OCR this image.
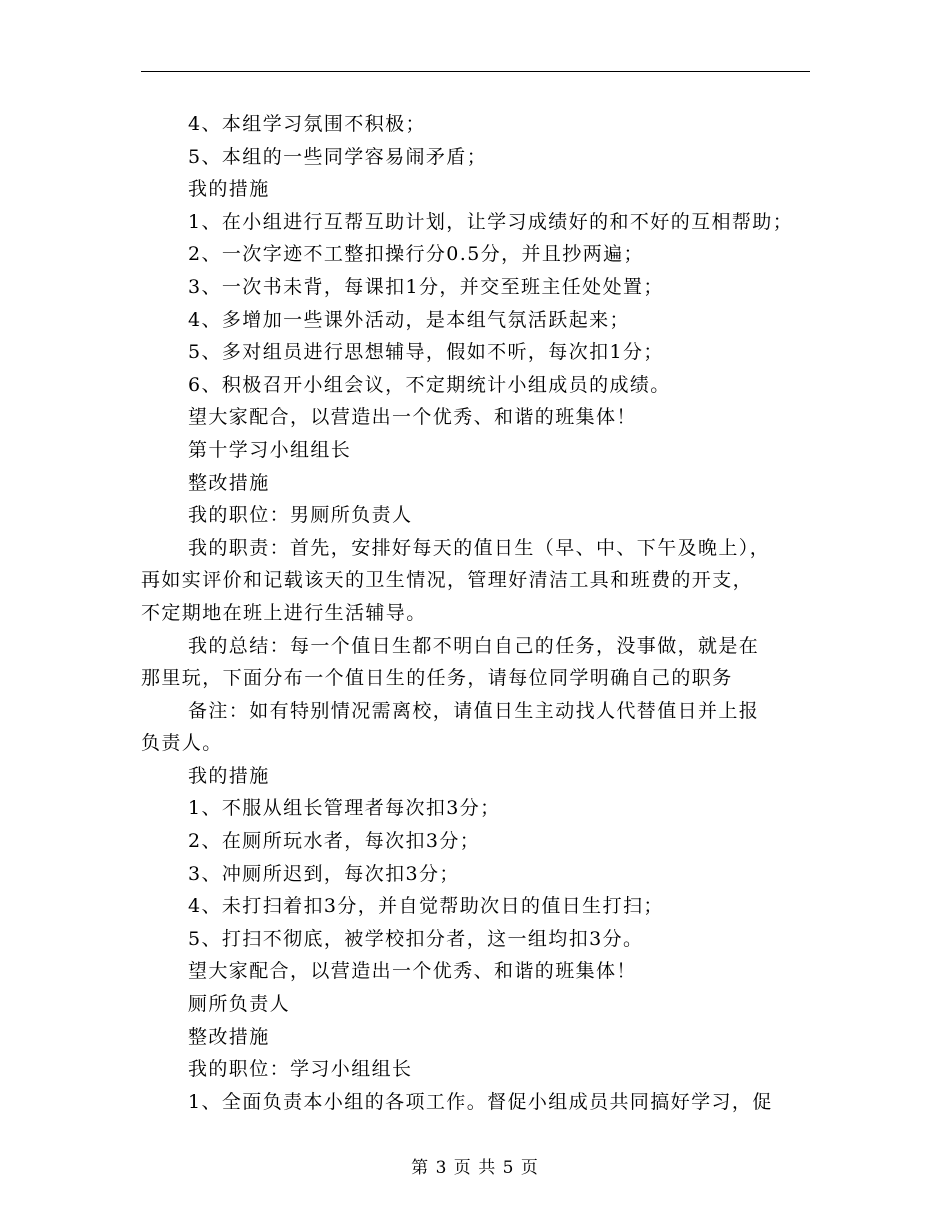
4、本组学习氛围不积极；

5、本组的一些同学容易闹矛盾；

我的措施

1、在小组进行互帮互助计划，让学习成绩好的和不好的互相帮助；

2、一次字迹不工整扣操行分0.5分，并且抄两遍；

3、一次书未背，每课扣1分，并交至班主任处处置；

4、多增加一些课外活动，是本组气氛活跃起来；

5、多对组员进行思想辅导，假如不听，每次扣1分；

6、积极召开小组会议，不定期统计小组成员的成绩。

望大家配合，以营造出一个优秀、和谐的班集体！

第十学习小组组长

整改措施

我的职位：男厕所负责人

我的职责：首先，安排好每天的值日生（早、中、下午及晚上），

再如实评价和记载该天的卫生情况，管理好清洁工具和班费的开支，

不定期地在班上进行生活辅导。

我的总结：每一个值日生都不明白自己的任务，没事做，就是在

那里玩，下面分布一个值日生的任务，请每位同学明确自己的职务

备注：如有特别情况需离校，请值日生主动找人代替值日并上报

负责人。

我的措施

1、不服从组长管理者每次扣3分；

2、在厕所玩水者，每次扣3分；

3、冲厕所迟到，每次扣3分；

4、未打扫着扣3分，并自觉帮助次日的值日生打扫；

5、打扫不彻底，被学校扣分者，这一组均扣3分。

望大家配合，以营造出一个优秀、和谐的班集体！

厕所负责人

整改措施

我的职位：学习小组组长

1、全面负责本小组的各项工作。督促小组成员共同搞好学习，促

第 3 页 共 5 页
